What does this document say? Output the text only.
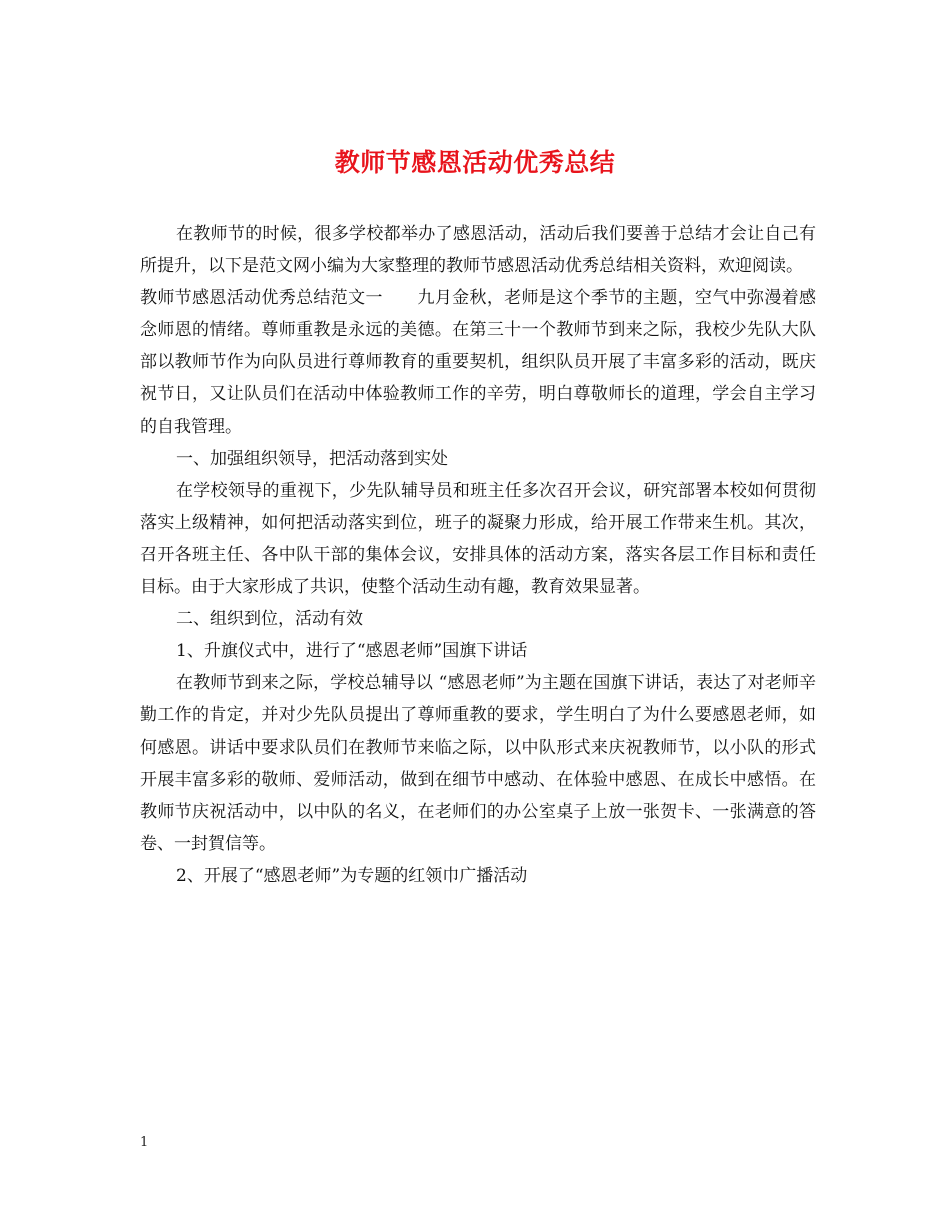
教师节感恩活动优秀总结

在教师节的时候，很多学校都举办了感恩活动，活动后我们要善于总结才会让自己有所提升，以下是范文网小编为大家整理的教师节感恩活动优秀总结相关资料，欢迎阅读。

教师节感恩活动优秀总结范文一　　九月金秋，老师是这个季节的主题，空气中弥漫着感念师恩的情绪。尊师重教是永远的美德。在第三十一个教师节到来之际，我校少先队大队部以教师节作为向队员进行尊师教育的重要契机，组织队员开展了丰富多彩的活动，既庆祝节日，又让队员们在活动中体验教师工作的辛劳，明白尊敬师长的道理，学会自主学习的自我管理。

一、加强组织领导，把活动落到实处

在学校领导的重视下，少先队辅导员和班主任多次召开会议，研究部署本校如何贯彻落实上级精神，如何把活动落实到位，班子的凝聚力形成，给开展工作带来生机。其次，召开各班主任、各中队干部的集体会议，安排具体的活动方案，落实各层工作目标和责任目标。由于大家形成了共识，使整个活动生动有趣，教育效果显著。

二、组织到位，活动有效

1、升旗仪式中，进行了“感恩老师”国旗下讲话

在教师节到来之际，学校总辅导以 “感恩老师”为主题在国旗下讲话，表达了对老师辛勤工作的肯定，并对少先队员提出了尊师重教的要求，学生明白了为什么要感恩老师，如何感恩。讲话中要求队员们在教师节来临之际，以中队形式来庆祝教师节，以小队的形式开展丰富多彩的敬师、爱师活动，做到在细节中感动、在体验中感恩、在成长中感悟。在教师节庆祝活动中，以中队的名义，在老师们的办公室桌子上放一张贺卡、一张满意的答卷、一封賀信等。

2、开展了“感恩老师”为专题的红领巾广播活动

1
